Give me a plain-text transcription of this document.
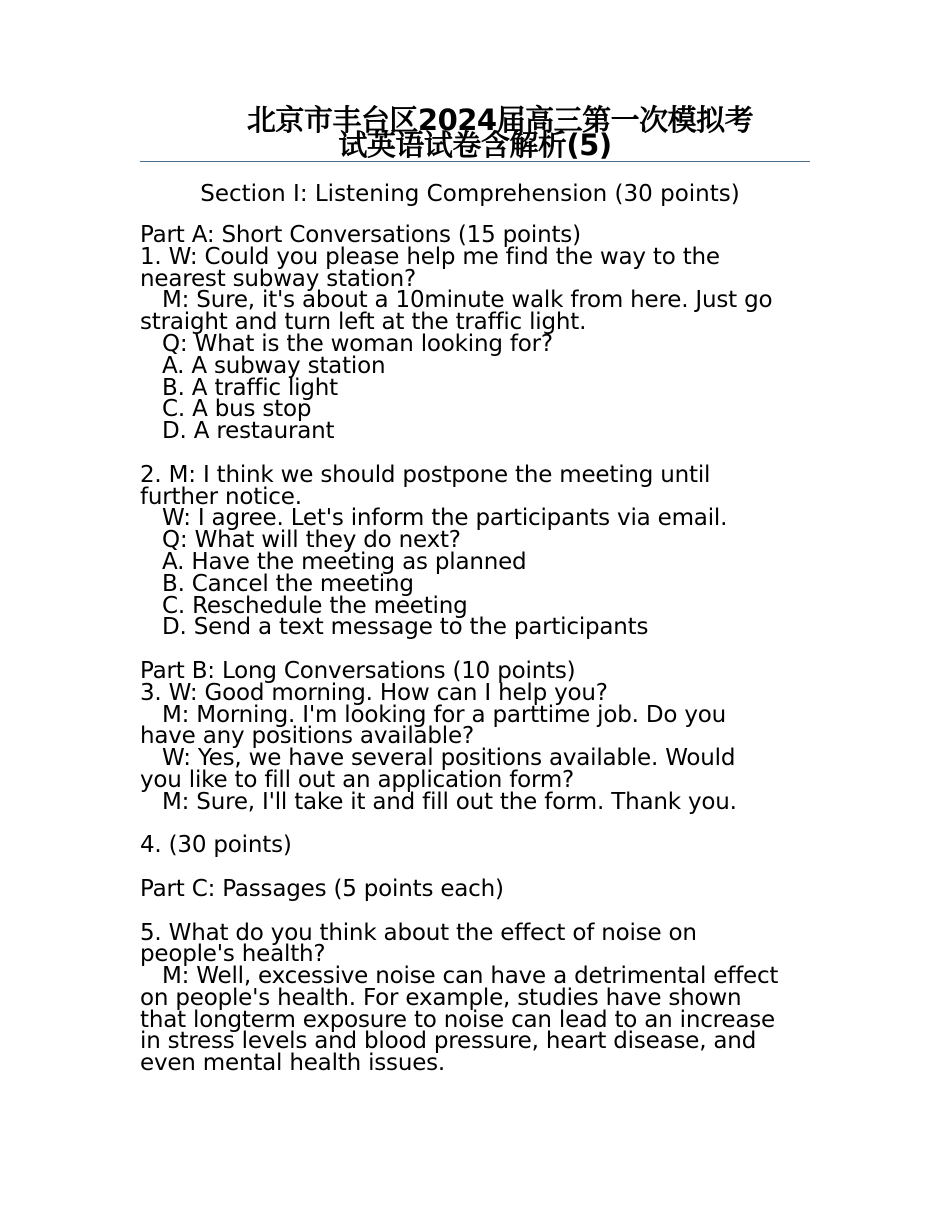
北京市丰台区2024届高三第一次模拟考
试英语试卷含解析(5)
Section I: Listening Comprehension (30 points)

Part A: Short Conversations (15 points)

1. W: Could you please help me find the way to the

nearest subway station?

M: Sure, it's about a 10minute walk from here. Just go

straight and turn left at the traffic light.

Q: What is the woman looking for?

A. A subway station

B. A traffic light

C. A bus stop

D. A restaurant

2. M: I think we should postpone the meeting until

further notice.

W: I agree. Let's inform the participants via email.

Q: What will they do next?

A. Have the meeting as planned

B. Cancel the meeting

C. Reschedule the meeting

D. Send a text message to the participants

Part B: Long Conversations (10 points)

3. W: Good morning. How can I help you?

M: Morning. I'm looking for a parttime job. Do you

have any positions available?

W: Yes, we have several positions available. Would

you like to fill out an application form?

M: Sure, I'll take it and fill out the form. Thank you.

4. (30 points)

Part C: Passages (5 points each)

5. What do you think about the effect of noise on

people's health?

M: Well, excessive noise can have a detrimental effect

on people's health. For example, studies have shown

that longterm exposure to noise can lead to an increase

in stress levels and blood pressure, heart disease, and

even mental health issues.
